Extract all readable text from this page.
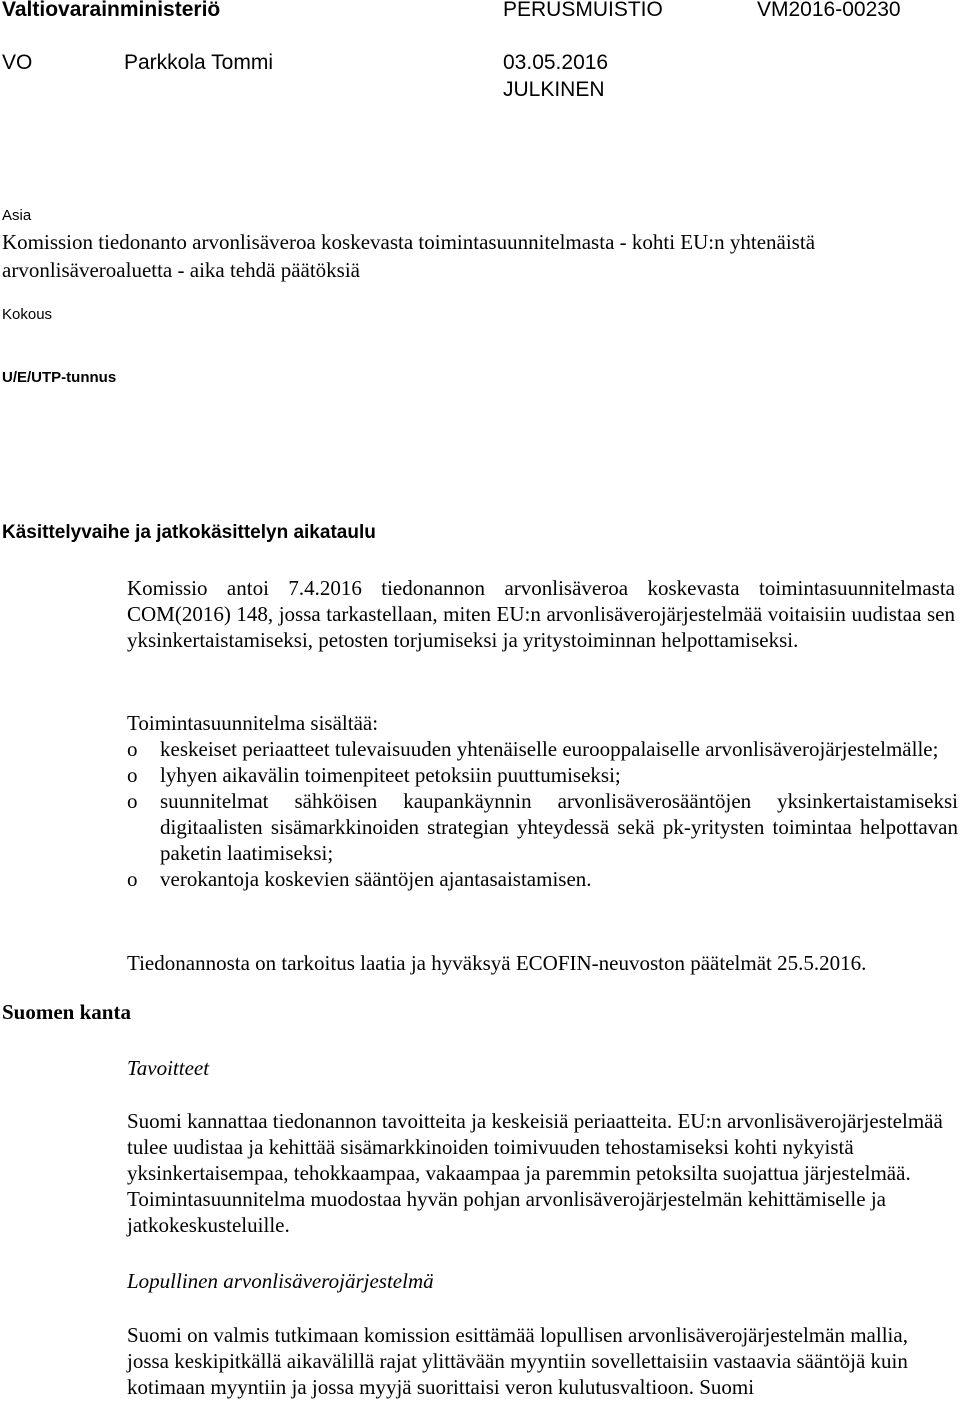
Valtiovarainministeriö	PERUSMUISTIO	VM2016-00230
VO	Parkkola Tommi	03.05.2016
JULKINEN
Asia
Komission tiedonanto arvonlisäveroa koskevasta toimintasuunnitelmasta - kohti EU:n yhtenäistä arvonlisäveroaluetta - aika tehdä päätöksiä
Kokous
U/E/UTP-tunnus
Käsittelyvaihe ja jatkokäsittelyn aikataulu
Komissio antoi 7.4.2016 tiedonannon arvonlisäveroa koskevasta toimintasuunnitelmasta COM(2016) 148, jossa tarkastellaan, miten EU:n arvonlisäverojärjestelmää voitaisiin uudistaa sen yksinkertaistamiseksi, petosten torjumiseksi ja yritystoiminnan helpottamiseksi.
Toimintasuunnitelma sisältää:
o keskeiset periaatteet tulevaisuuden yhtenäiselle eurooppalaiselle arvonlisäverojärjestelmälle;
o lyhyen aikavälin toimenpiteet petoksiin puuttumiseksi;
o suunnitelmat sähköisen kaupankäynnin arvonlisäverosääntöjen yksinkertaistamiseksi digitaalisten sisämarkkinoiden strategian yhteydessä sekä pk-yritysten toimintaa helpottavan paketin laatimiseksi;
o verokantoja koskevien sääntöjen ajantasaistamisen.
Tiedonannosta on tarkoitus laatia ja hyväksyä ECOFIN-neuvoston päätelmät 25.5.2016.
Suomen kanta
Tavoitteet
Suomi kannattaa tiedonannon tavoitteita ja keskeisiä periaatteita. EU:n arvonlisäverojärjestelmää tulee uudistaa ja kehittää sisämarkkinoiden toimivuuden tehostamiseksi kohti nykyistä yksinkertaisempaa, tehokkaampaa, vakaampaa ja paremmin petoksilta suojattua järjestelmää. Toimintasuunnitelma muodostaa hyvän pohjan arvonlisäverojärjestelmän kehittämiselle ja jatkokeskusteluille.
Lopullinen arvonlisäverojärjestelmä
Suomi on valmis tutkimaan komission esittämää lopullisen arvonlisäverojärjestelmän mallia, jossa keskipitkällä aikavälillä rajat ylittävään myyntiin sovellettaisiin vastaavia sääntöjä kuin kotimaan myyntiin ja jossa myyjä suorittaisi veron kulutusvaltioon. Suomi
